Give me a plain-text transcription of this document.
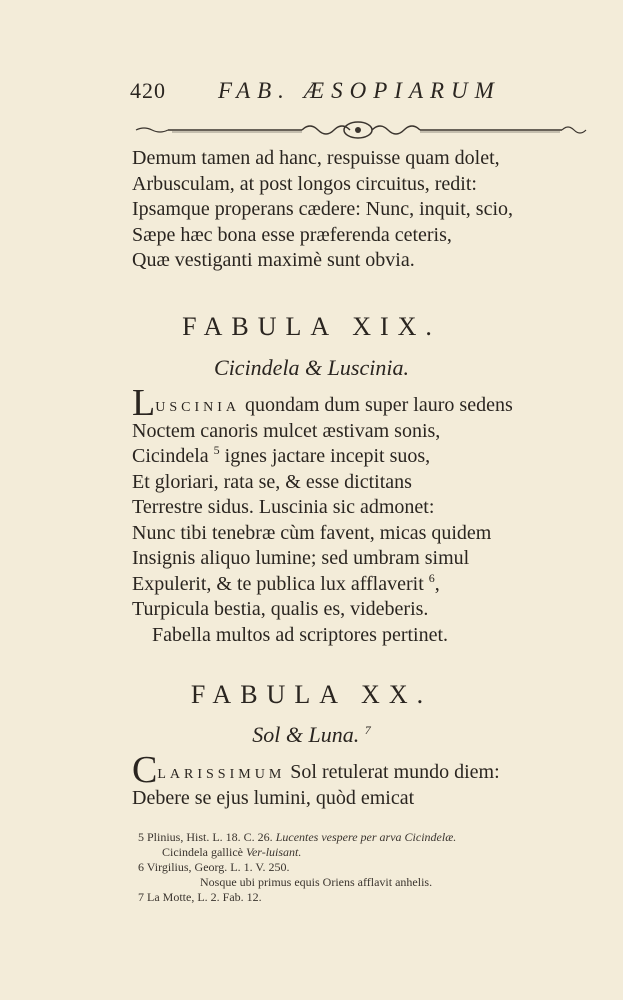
420 FAB. ÆSOPIARUM
Demum tamen ad hanc, respuisse quam dolet,
Arbusculam, at post longos circuitus, redit:
Ipsamque properans cædere: Nunc, inquit, scio,
Sæpe hæc bona esse præferenda ceteris,
Quæ vestiganti maximè sunt obvia.
FABULA XIX.
Cicindela & Luscinia.
LUSCINIA quondam dum super lauro sedens
Noctem canoris mulcet æstivam sonis,
Cicindela $^5$ ignes jactare incepit suos,
Et gloriari, rata se, & esse dictitans
Terrestre sidus. Luscinia sic admonet:
Nunc tibi tenebræ cùm favent, micas quidem
Insignis aliquo lumine; sed umbram simul
Expulerit, & te publica lux afflaverit $^6$,
Turpicula bestia, qualis es, videberis.
Fabella multos ad scriptores pertinet.
FABULA XX.
Sol & Luna. $^7$
CLARISSIMUM Sol retulerat mundo diem:
Debere se ejus lumini, quòd emicat
5 Plinius, Hist. L. 18. C. 26. Lucentes vespere per arva Cicindelæ.
Cicindela gallicè Ver-luisant.
6 Virgilius, Georg. L. 1. V. 250.
Nosque ubi primus equis Oriens afflavit anhelis.
7 La Motte, L. 2. Fab. 12.
